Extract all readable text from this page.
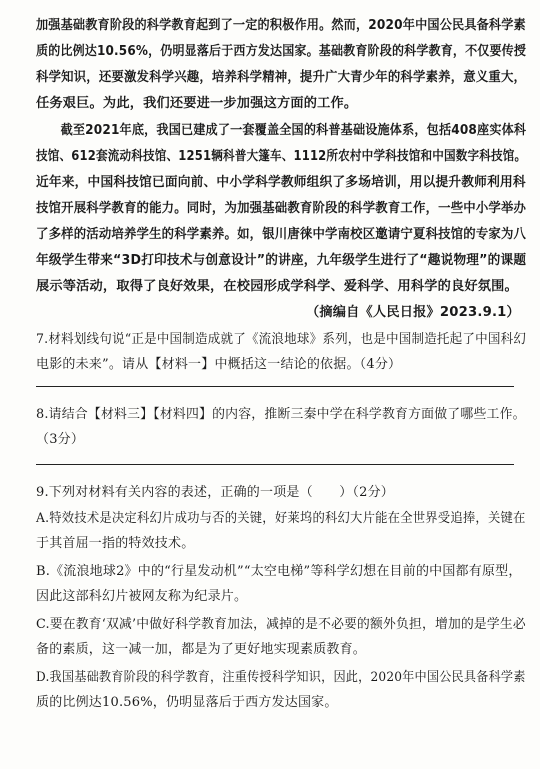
加强基础教育阶段的科学教育起到了一定的积极作用。然而，2020年中国公民具备科学素
质的比例达10.56%，仍明显落后于西方发达国家。基础教育阶段的科学教育，不仅要传授
科学知识，还要激发科学兴趣，培养科学精神，提升广大青少年的科学素养，意义重大，
任务艰巨。为此，我们还要进一步加强这方面的工作。
　　截至2021年底，我国已建成了一套覆盖全国的科普基础设施体系，包括408座实体科
技馆、612套流动科技馆、1251辆科普大篷车、1112所农村中学科技馆和中国数字科技馆。
近年来，中国科技馆已面向前、中小学科学教师组织了多场培训，用以提升教师利用科
技馆开展科学教育的能力。同时，为加强基础教育阶段的科学教育工作，一些中小学举办
了多样的活动培养学生的科学素养。如，银川唐徕中学南校区邀请宁夏科技馆的专家为八
年级学生带来“3D打印技术与创意设计”的讲座，九年级学生进行了“趣说物理”的课题
展示等活动，取得了良好效果，在校园形成学科学、爱科学、用科学的良好氛围。
（摘编自《人民日报》2023.9.1）
7.材料划线句说“正是中国制造成就了《流浪地球》系列，也是中国制造托起了中国科幻
电影的未来”。请从【材料一】中概括这一结论的依据。（4分）
8.请结合【材料三】【材料四】的内容，推断三秦中学在科学教育方面做了哪些工作。
（3分）
9.下列对材料有关内容的表述，正确的一项是（　　）（2分）
A.特效技术是决定科幻片成功与否的关键，好莱坞的科幻大片能在全世界受追捧，关键在
于其首屈一指的特效技术。
B.《流浪地球2》中的“行星发动机”“太空电梯”等科学幻想在目前的中国都有原型，
因此这部科幻片被网友称为纪录片。
C.要在教育‘双减’中做好科学教育加法，减掉的是不必要的额外负担，增加的是学生必
备的素质，这一减一加，都是为了更好地实现素质教育。
D.我国基础教育阶段的科学教育，注重传授科学知识，因此，2020年中国公民具备科学素
质的比例达10.56%，仍明显落后于西方发达国家。
